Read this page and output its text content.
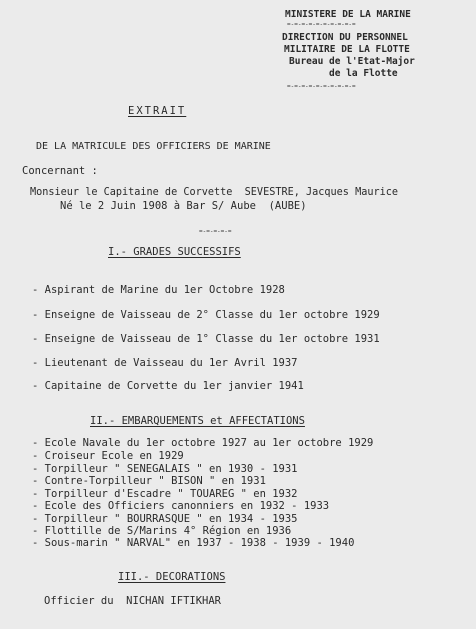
MINISTERE DE LA MARINE
=-=-=-=-=-=-=-=-=-=
DIRECTION DU PERSONNEL
MILITAIRE DE LA FLOTTE
Bureau de l'Etat-Major
de la Flotte
=-=-=-=-=-=-=-=-=-=
EXTRAIT
DE LA MATRICULE DES OFFICIERS DE MARINE
Concernant :
Monsieur le Capitaine de Corvette  SEVESTRE, Jacques Maurice
Né le 2 Juin 1908 à Bar S/ Aube  (AUBE)
=-=-=-=-=
I.- GRADES SUCCESSIFS
- Aspirant de Marine du 1er Octobre 1928
- Enseigne de Vaisseau de 2° Classe du 1er octobre 1929
- Enseigne de Vaisseau de 1° Classe du 1er octobre 1931
- Lieutenant de Vaisseau du 1er Avril 1937
- Capitaine de Corvette du 1er janvier 1941
II.- EMBARQUEMENTS et AFFECTATIONS
- Ecole Navale du 1er octobre 1927 au 1er octobre 1929
- Croiseur Ecole en 1929
- Torpilleur " SENEGALAIS " en 1930 - 1931
- Contre-Torpilleur " BISON " en 1931
- Torpilleur d'Escadre " TOUAREG " en 1932
- Ecole des Officiers canonniers en 1932 - 1933
- Torpilleur " BOURRASQUE " en 1934 - 1935
- Flottille de S/Marins 4° Région en 1936
- Sous-marin " NARVAL" en 1937 - 1938 - 1939 - 1940
III.- DECORATIONS
Officier du  NICHAN IFTIKHAR
